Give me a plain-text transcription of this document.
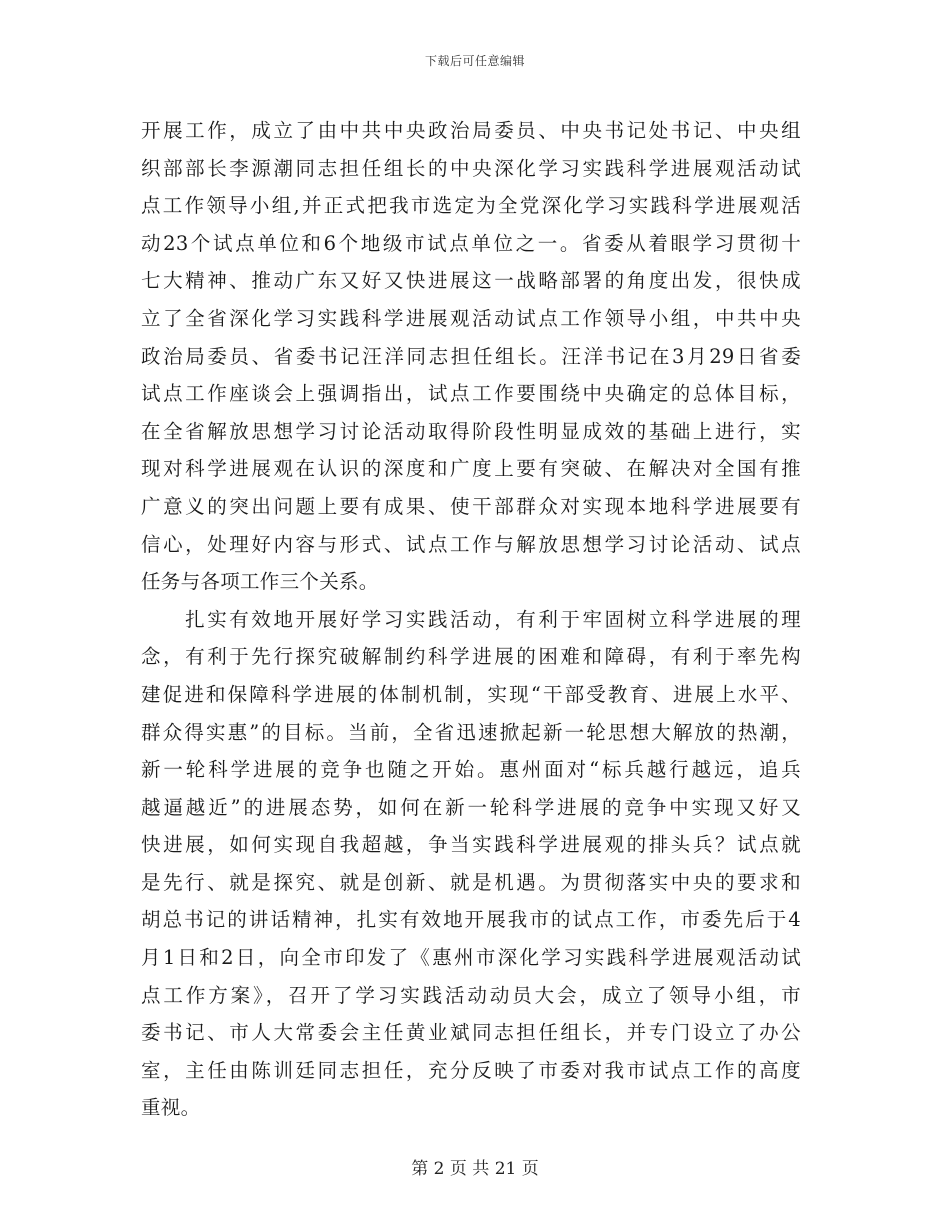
下载后可任意编辑
开展工作，成立了由中共中央政治局委员、中央书记处书记、中央组
织部部长李源潮同志担任组长的中央深化学习实践科学进展观活动试
点工作领导小组,并正式把我市选定为全党深化学习实践科学进展观活
动23个试点单位和6个地级市试点单位之一。省委从着眼学习贯彻十
七大精神、推动广东又好又快进展这一战略部署的角度出发，很快成
立了全省深化学习实践科学进展观活动试点工作领导小组，中共中央
政治局委员、省委书记汪洋同志担任组长。汪洋书记在3月29日省委
试点工作座谈会上强调指出，试点工作要围绕中央确定的总体目标，
在全省解放思想学习讨论活动取得阶段性明显成效的基础上进行，实
现对科学进展观在认识的深度和广度上要有突破、在解决对全国有推
广意义的突出问题上要有成果、使干部群众对实现本地科学进展要有
信心，处理好内容与形式、试点工作与解放思想学习讨论活动、试点
任务与各项工作三个关系。
　　扎实有效地开展好学习实践活动，有利于牢固树立科学进展的理
念，有利于先行探究破解制约科学进展的困难和障碍，有利于率先构
建促进和保障科学进展的体制机制，实现“干部受教育、进展上水平、
群众得实惠”的目标。当前，全省迅速掀起新一轮思想大解放的热潮，
新一轮科学进展的竞争也随之开始。惠州面对“标兵越行越远，追兵
越逼越近”的进展态势，如何在新一轮科学进展的竞争中实现又好又
快进展，如何实现自我超越，争当实践科学进展观的排头兵？试点就
是先行、就是探究、就是创新、就是机遇。为贯彻落实中央的要求和
胡总书记的讲话精神，扎实有效地开展我市的试点工作，市委先后于4
月1日和2日，向全市印发了《惠州市深化学习实践科学进展观活动试
点工作方案》，召开了学习实践活动动员大会，成立了领导小组，市
委书记、市人大常委会主任黄业斌同志担任组长，并专门设立了办公
室，主任由陈训廷同志担任，充分反映了市委对我市试点工作的高度
重视。
第 2 页 共 21 页
